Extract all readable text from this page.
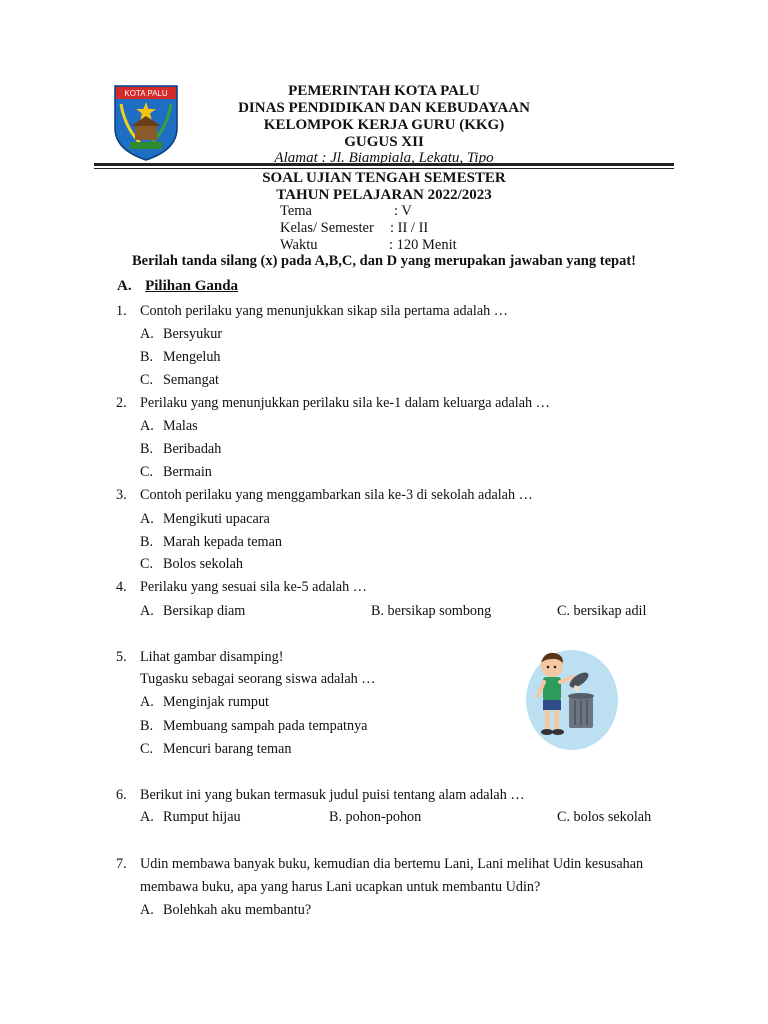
KOTA PALU	PEMERINTAH KOTA PALU
DINAS PENDIDIKAN DAN KEBUDAYAAN
KELOMPOK KERJA GURU (KKG)
GUGUS XII
Alamat : Jl. Biampiala, Lekatu, Tipo
SOAL UJIAN TENGAH SEMESTER
TAHUN PELAJARAN 2022/2023
Tema	: V
Kelas/ Semester : II / II
Waktu	: 120 Menit
Berilah tanda silang (x) pada A,B,C, dan D yang merupakan jawaban yang tepat!
A. Pilihan Ganda
1. Contoh perilaku yang menunjukkan sikap sila pertama adalah …
A. Bersyukur
B. Mengeluh
C. Semangat
2. Perilaku yang menunjukkan perilaku sila ke-1 dalam keluarga adalah …
A. Malas
B. Beribadah
C. Bermain
3. Contoh perilaku yang menggambarkan sila ke-3 di sekolah adalah …
A. Mengikuti upacara
B. Marah kepada teman
C. Bolos sekolah
4. Perilaku yang sesuai sila ke-5 adalah …
A. Bersikap diam	B. bersikap sombong	C. bersikap adil
5. Lihat gambar disamping!
Tugasku sebagai seorang siswa adalah …
A. Menginjak rumput
B. Membuang sampah pada tempatnya
C. Mencuri barang teman
6. Berikut ini yang bukan termasuk judul puisi tentang alam adalah …
A. Rumput hijau	B. pohon-pohon	C. bolos sekolah
7. Udin membawa banyak buku, kemudian dia bertemu Lani, Lani melihat Udin kesusahan
membawa buku, apa yang harus Lani ucapkan untuk membantu Udin?
A. Bolehkah aku membantu?
